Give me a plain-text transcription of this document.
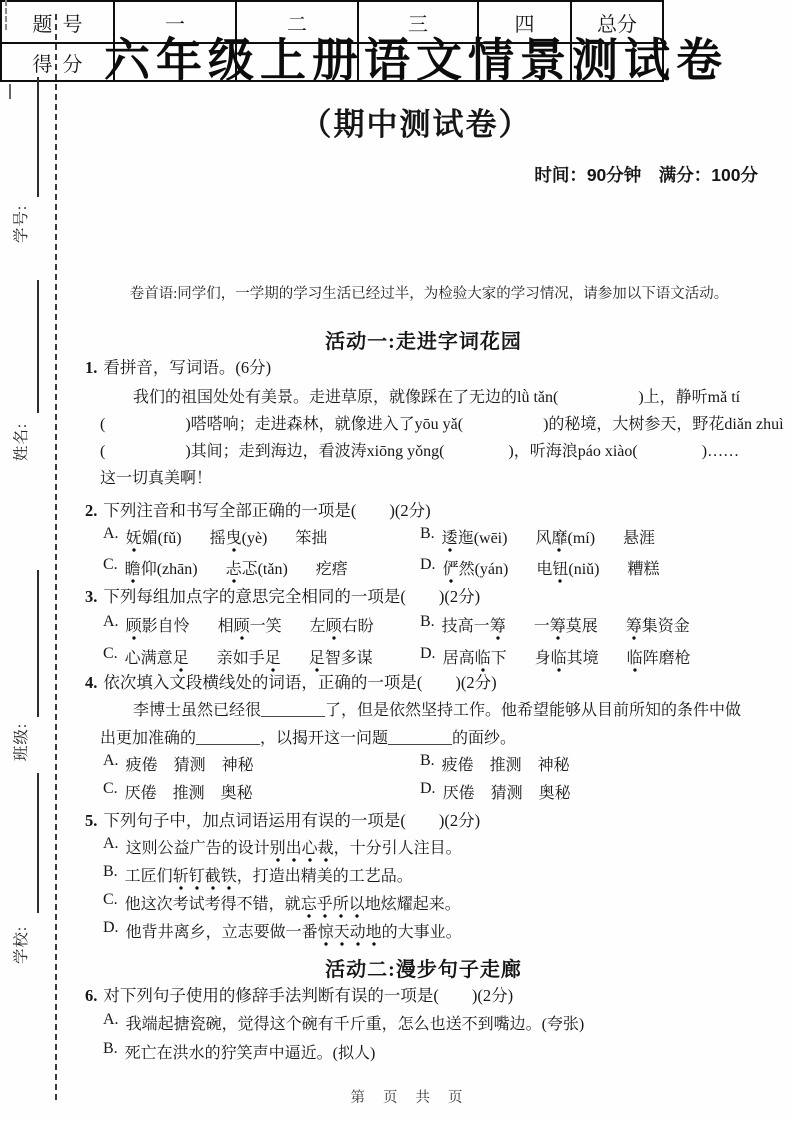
学号:
姓名:
班级:
学校:
六年级上册语文情景测试卷
（期中测试卷）
时间：90分钟　满分：100分
题号	一	二	三	四	总分
得分					
卷首语:同学们，一学期的学习生活已经过半，为检验大家的学习情况，请参加以下语文活动。
活动一:走进字词花园
1. 看拼音，写词语。(6分)
我们的祖国处处有美景。走进草原，就像踩在了无边的lǜ tǎn(　　　　　)上，静听mǎ tí
(　　　　　)嗒嗒响；走进森林，就像进入了yōu yǎ(　　　　　)的秘境，大树参天，野花diǎn zhuì
(　　　　　)其间；走到海边，看波涛xiōng yǒng(　　　　)，听海浪páo xiào(　　　　)……
这一切真美啊！
2. 下列注音和书写全部正确的一项是(　　)(2分)
A. 妩媚(fǔ) 摇曳(yè) 笨拙	B. 逶迤(wēi) 风靡(mí) 悬涯
C. 瞻仰(zhān) 忐忑(tǎn) 疙瘩	D. 俨然(yán) 电钮(niǔ) 糟糕
3. 下列每组加点字的意思完全相同的一项是(　　)(2分)
A. 顾影自怜 相顾一笑 左顾右盼	B. 技高一筹 一筹莫展 筹集资金
C. 心满意足 亲如手足 足智多谋	D. 居高临下 身临其境 临阵磨枪
4. 依次填入文段横线处的词语，正确的一项是(　　)(2分)
李博士虽然已经很________了，但是依然坚持工作。他希望能够从目前所知的条件中做
出更加准确的________，以揭开这一问题________的面纱。
A. 疲倦　猜测　神秘	B. 疲倦　推测　神秘
C. 厌倦　推测　奥秘	D. 厌倦　猜测　奥秘
5. 下列句子中，加点词语运用有误的一项是(　　)(2分)
A. 这则公益广告的设计别出心裁，十分引人注目。
B. 工匠们斩钉截铁，打造出精美的工艺品。
C. 他这次考试考得不错，就忘乎所以地炫耀起来。
D. 他背井离乡，立志要做一番惊天动地的大事业。
活动二:漫步句子走廊
6. 对下列句子使用的修辞手法判断有误的一项是(　　)(2分)
A. 我端起搪瓷碗，觉得这个碗有千斤重，怎么也送不到嘴边。(夸张)
B. 死亡在洪水的狞笑声中逼近。(拟人)
第 页 共 页
